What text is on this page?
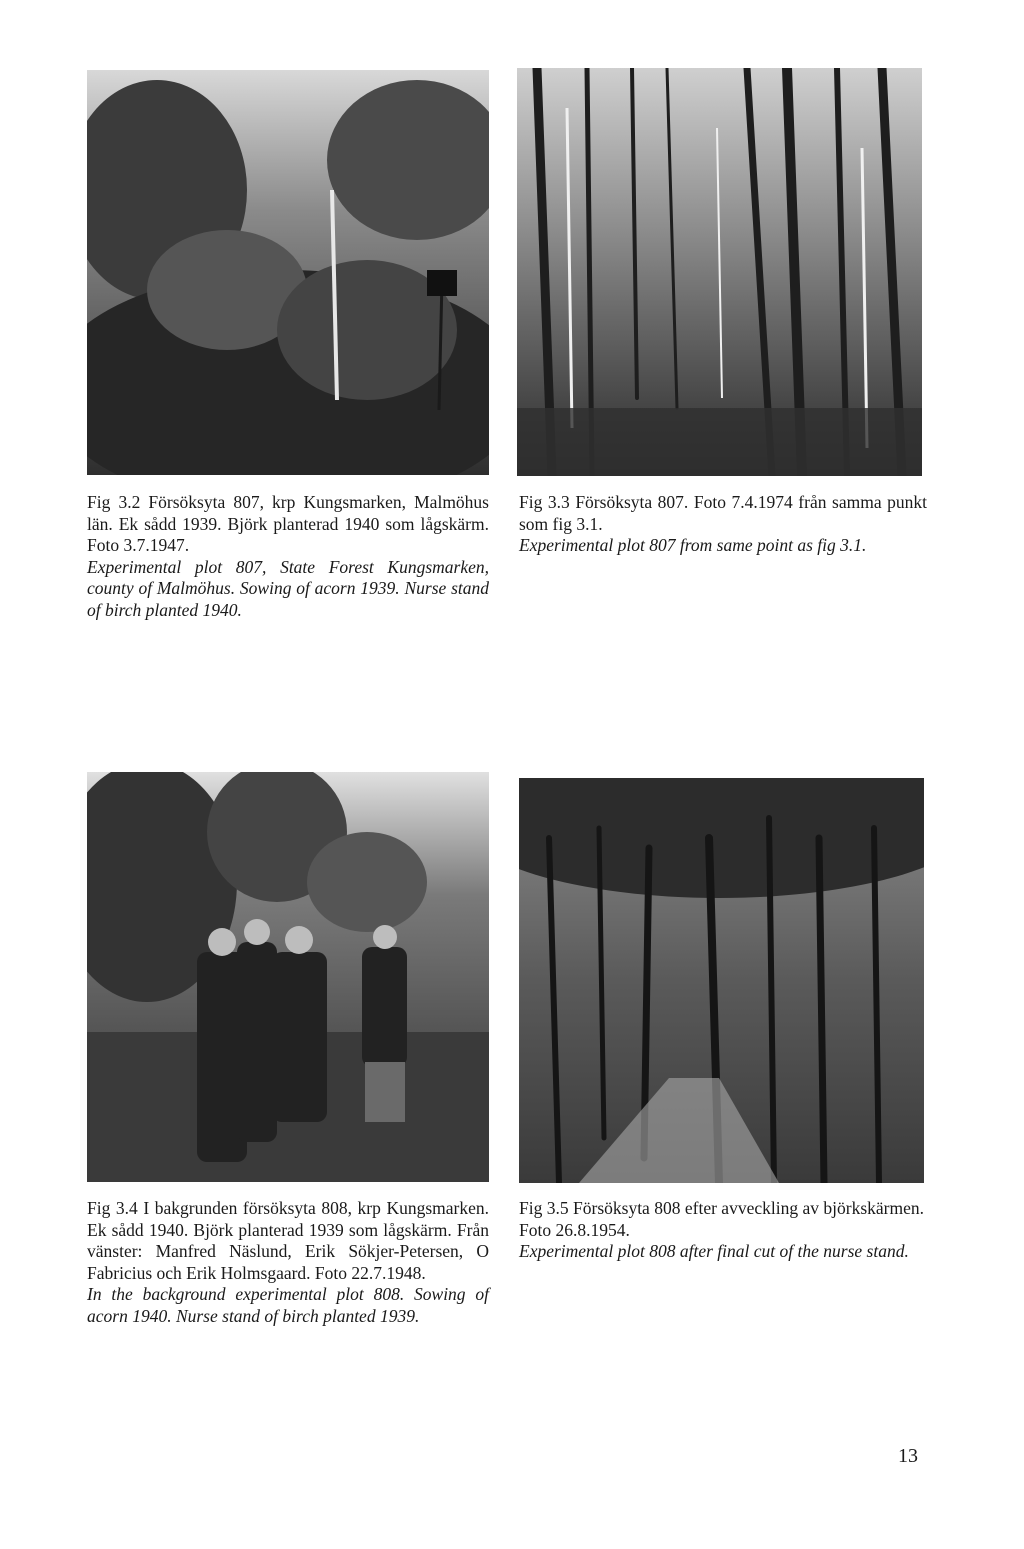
Fig 3.2 Försöksyta 807, krp Kungsmarken, Malmöhus län. Ek sådd 1939. Björk planterad 1940 som lågskärm. Foto 3.7.1947.

Experimental plot 807, State Forest Kungsmarken, county of Malmöhus. Sowing of acorn 1939. Nurse stand of birch planted 1940.

Fig 3.3 Försöksyta 807. Foto 7.4.1974 från samma punkt som fig 3.1.

Experimental plot 807 from same point as fig 3.1.

Fig 3.4 I bakgrunden försöksyta 808, krp Kungsmarken. Ek sådd 1940. Björk planterad 1939 som lågskärm. Från vänster: Manfred Näslund, Erik Sökjer-Petersen, O Fabricius och Erik Holmsgaard. Foto 22.7.1948.

In the background experimental plot 808. Sowing of acorn 1940. Nurse stand of birch planted 1939.

Fig 3.5 Försöksyta 808 efter avveckling av björkskärmen. Foto 26.8.1954.

Experimental plot 808 after final cut of the nurse stand.

13
